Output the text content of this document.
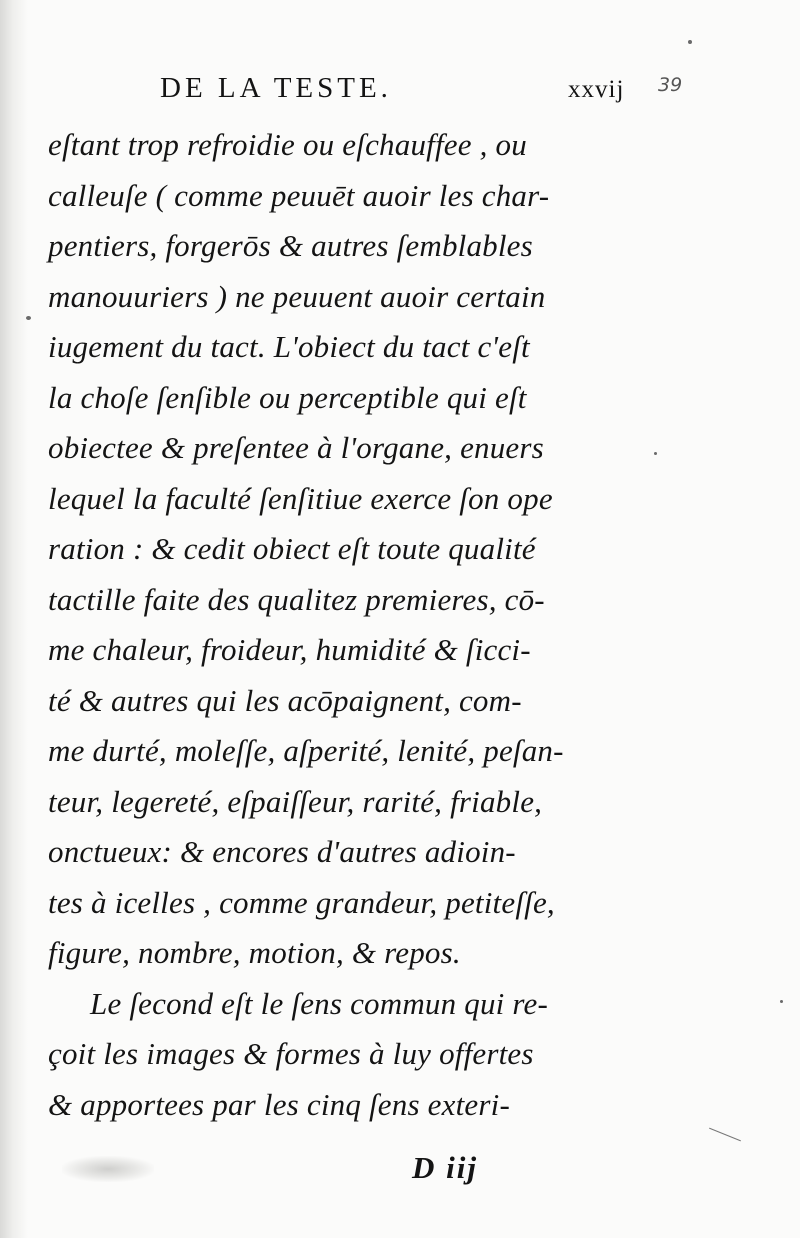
DE LA TESTE.	xxvij 39
eſtant trop refroidie ou eſchauffee , ou
calleuſe ( comme peuuēt auoir les char-
pentiers, forgerōs & autres ſemblables
manouuriers ) ne peuuent auoir certain
iugement du tact. L'obiect du tact c'eſt
la choſe ſenſible ou perceptible qui eſt
obiectee & preſentee à l'organe, enuers
lequel la faculté ſenſitiue exerce ſon ope
ration : & cedit obiect eſt toute qualité
tactille faite des qualitez premieres, cō-
me chaleur, froideur, humidité & ſicci-
té & autres qui les acōpaignent, com-
me durté, moleſſe, aſperité, lenité, peſan-
teur, legereté, eſpaiſſeur, rarité, friable,
onctueux: & encores d'autres adioin-
tes à icelles , comme grandeur, petiteſſe,
figure, nombre, motion, & repos.
Le ſecond eſt le ſens commun qui re-
çoit les images & formes à luy offertes
& apportees par les cinq ſens exteri-
D iij
